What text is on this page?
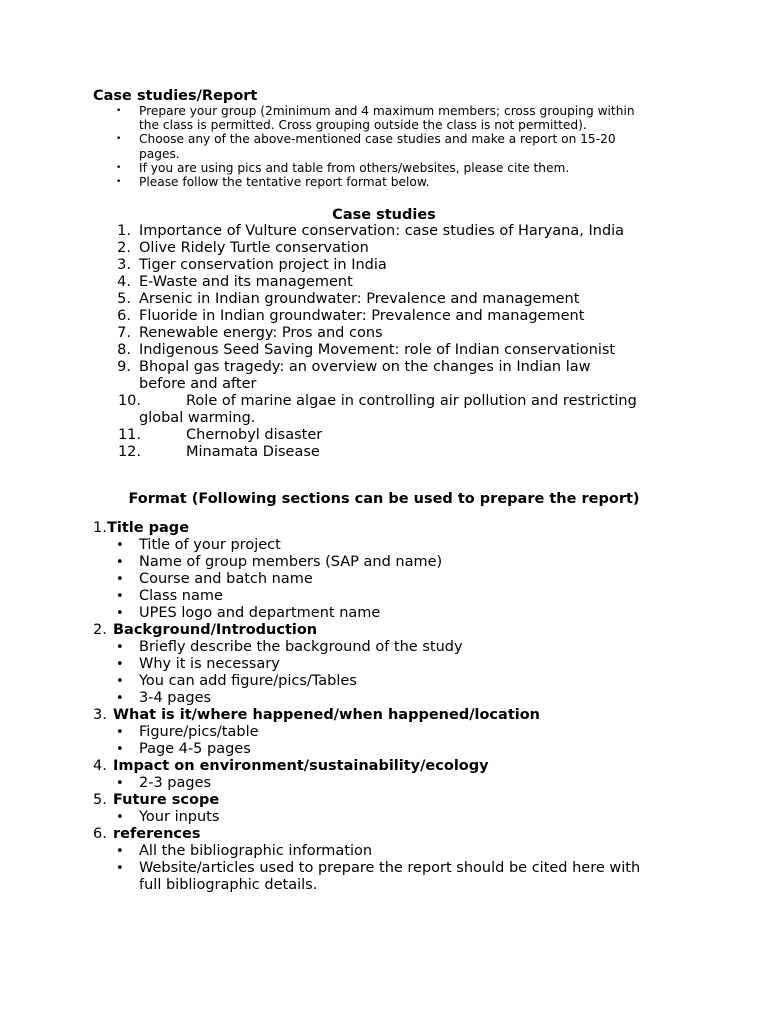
Case studies/Report
• Prepare your group (2minimum and 4 maximum members; cross grouping within
the class is permitted. Cross grouping outside the class is not permitted).
• Choose any of the above-mentioned case studies and make a report on 15-20
pages.
• If you are using pics and table from others/websites, please cite them.
• Please follow the tentative report format below.
Case studies
1. Importance of Vulture conservation: case studies of Haryana, India
2. Olive Ridely Turtle conservation
3. Tiger conservation project in India
4. E-Waste and its management
5. Arsenic in Indian groundwater: Prevalence and management
6. Fluoride in Indian groundwater: Prevalence and management
7. Renewable energy: Pros and cons
8. Indigenous Seed Saving Movement: role of Indian conservationist
9. Bhopal gas tragedy: an overview on the changes in Indian law
before and after
10.	Role of marine algae in controlling air pollution and restricting
global warming.
11.	Chernobyl disaster
12.	Minamata Disease
Format (Following sections can be used to prepare the report)
1. Title page
• Title of your project
• Name of group members (SAP and name)
• Course and batch name
• Class name
• UPES logo and department name
2. Background/Introduction
• Briefly describe the background of the study
• Why it is necessary
• You can add figure/pics/Tables
• 3-4 pages
3. What is it/where happened/when happened/location
• Figure/pics/table
• Page 4-5 pages
4. Impact on environment/sustainability/ecology
• 2-3 pages
5. Future scope
• Your inputs
6. references
• All the bibliographic information
• Website/articles used to prepare the report should be cited here with
full bibliographic details.
